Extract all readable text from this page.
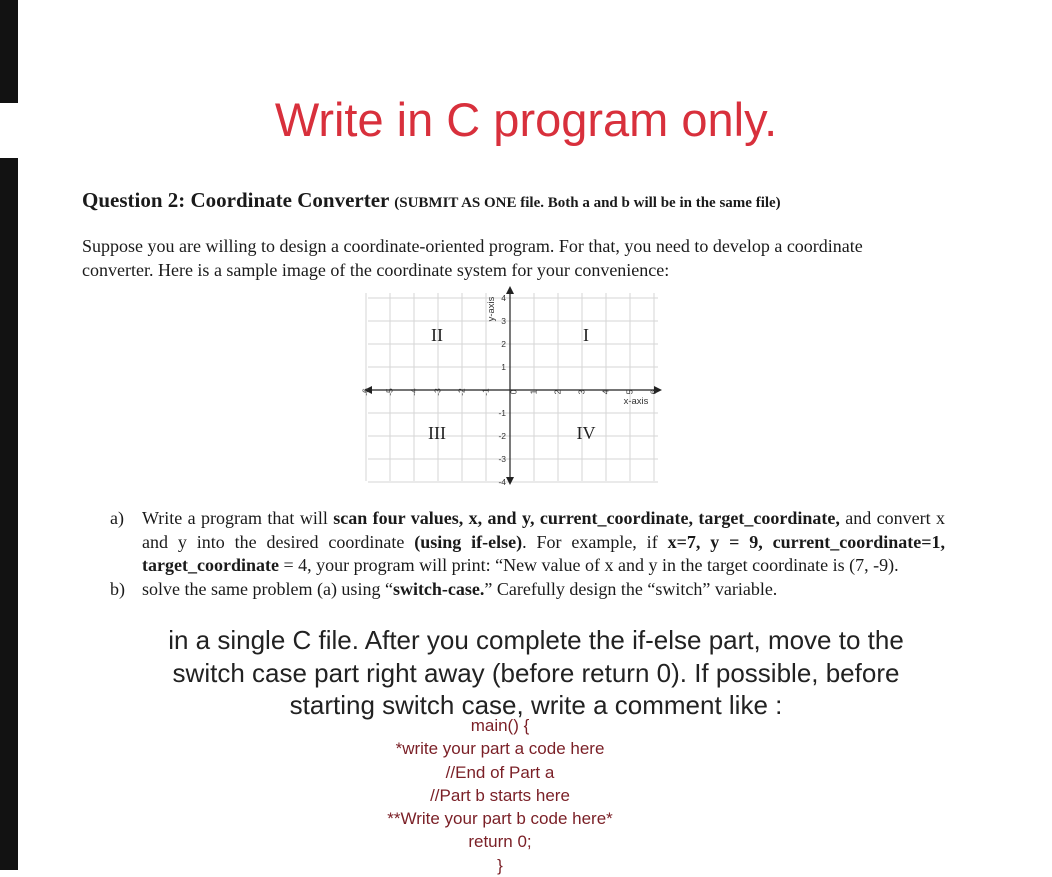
Write in C program only.
Question 2: Coordinate Converter (SUBMIT AS ONE file. Both a and b will be in the same file)
Suppose you are willing to design a coordinate-oriented program. For that, you need to develop a coordinate
converter. Here is a sample image of the coordinate system for your convenience:
-6 -5 -4 -3 -2 -1 0 1 2 3 4 5 6
4
3
2
1
-1
-2
-3
-4
x-axis
y-axis
I
II
III	IV
a) Write a program that will scan four values, x, and y, current_coordinate, target_coordinate, and convert x and y into the desired coordinate (using if-else). For example, if x=7, y = 9, current_coordinate=1, target_coordinate = 4, your program will print: “New value of x and y in the target coordinate is (7, -9).
b) solve the same problem (a) using “switch-case.” Carefully design the “switch” variable.
in a single C file. After you complete the if-else part, move to the
switch case part right away (before return 0). If possible, before
starting switch case, write a comment like :
main() {
*write your part a code here
//End of Part a
//Part b starts here
**Write your part b code here*
return 0;
}
